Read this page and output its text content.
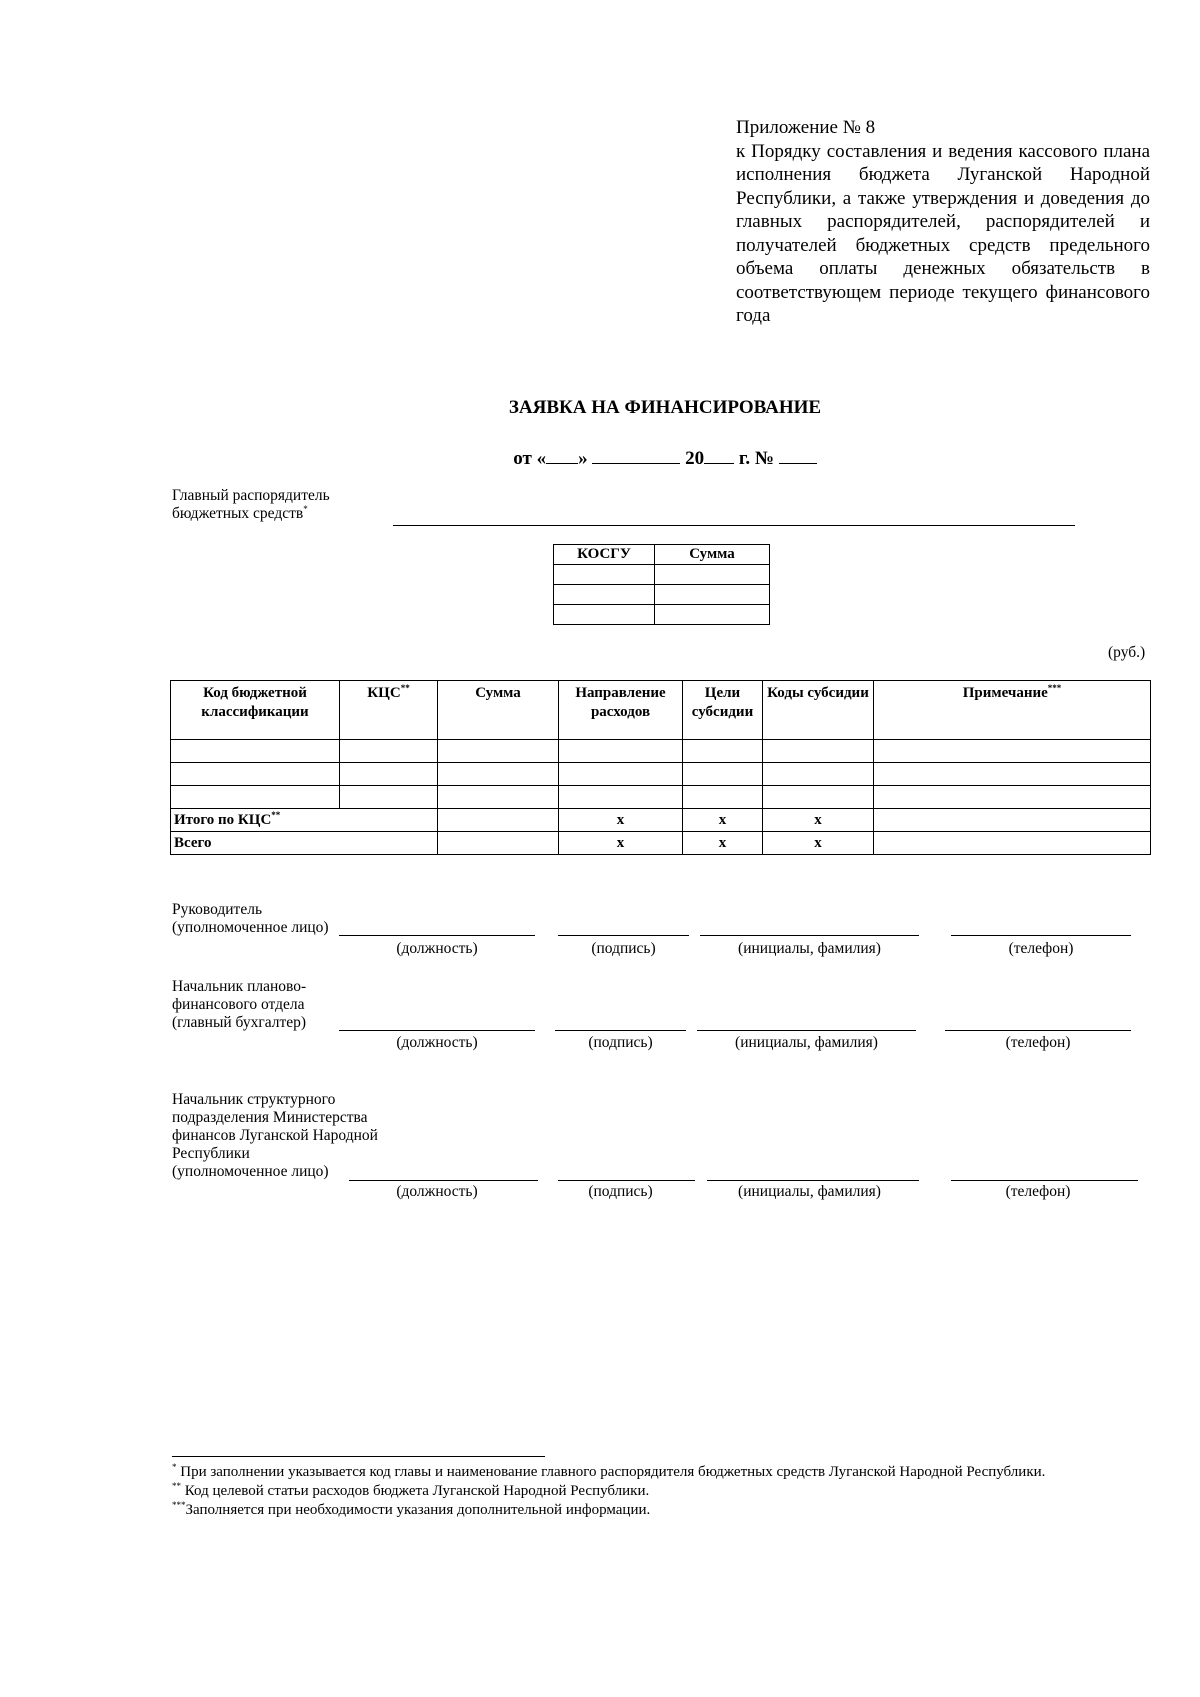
Приложение № 8
к Порядку составления и ведения кассового плана исполнения бюджета Луганской Народной Республики, а также утверждения и доведения до главных распорядителей, распорядителей и получателей бюджетных средств предельного объема оплаты денежных обязательств в соответствующем периоде текущего финансового года
ЗАЯВКА НА ФИНАНСИРОВАНИЕ
от « »	20 г. №
Главный распорядитель
бюджетных средств*
КОСГУ	Сумма

(руб.)
Код бюджетной классификации	КЦС**	Сумма	Направление расходов	Цели субсидии	Коды субсидии	Примечание***

Итого по КЦС**			x	x	x	
Всего			x	x	x	
Руководитель
(уполномоченное лицо)
(должность)	(подпись)	(инициалы, фамилия)	(телефон)
Начальник планово-
финансового отдела
(главный бухгалтер)
(должность)	(подпись)	(инициалы, фамилия)	(телефон)
Начальник структурного
подразделения Министерства
финансов Луганской Народной
Республики
(уполномоченное лицо)
(должность)	(подпись)	(инициалы, фамилия)	(телефон)
* При заполнении указывается код главы и наименование главного распорядителя бюджетных средств Луганской Народной Республики.
** Код целевой статьи расходов бюджета Луганской Народной Республики.
***Заполняется при необходимости указания дополнительной информации.
